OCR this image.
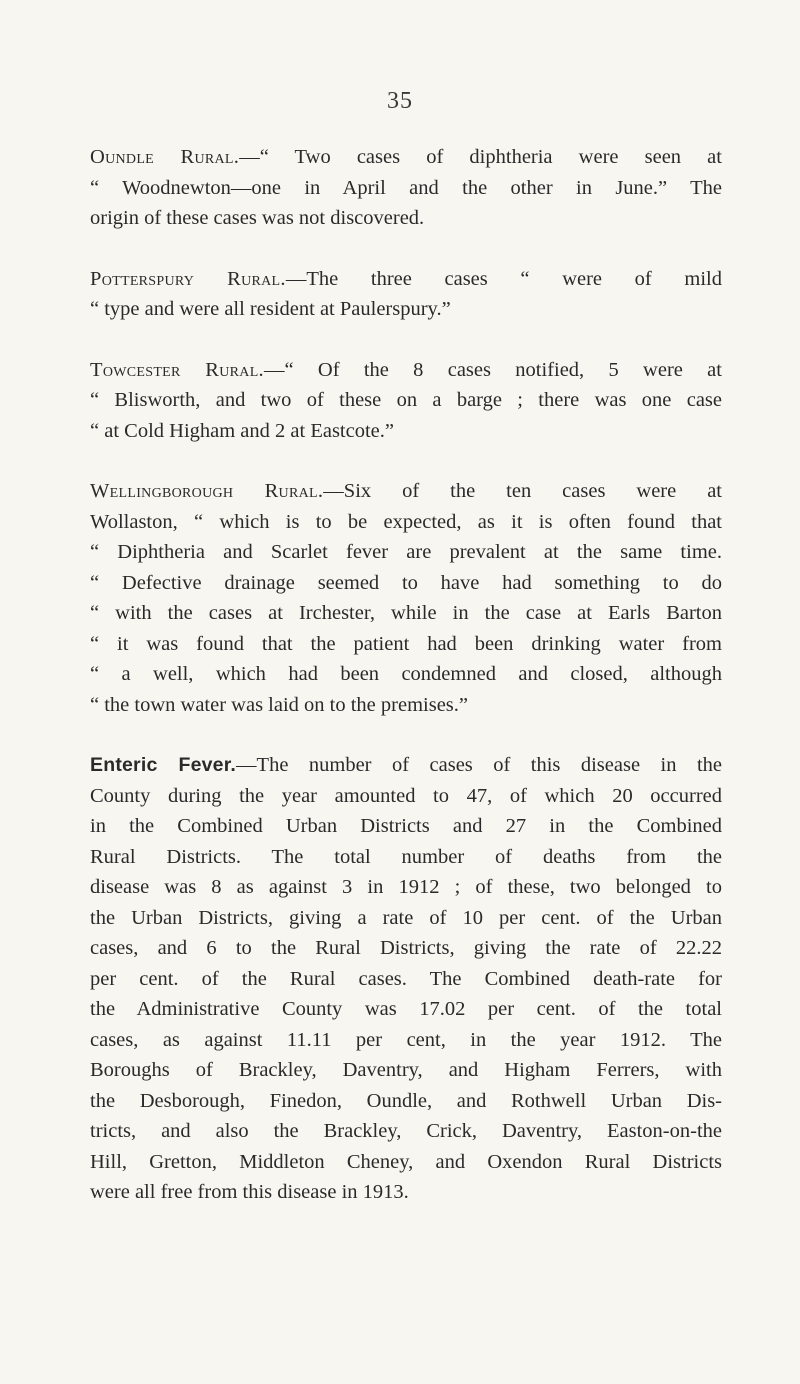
35
Oundle Rural.—“ Two cases of diphtheria were seen at
“ Woodnewton—one in April and the other in June.” The
origin of these cases was not discovered.
Potterspury Rural.—The three cases “ were of mild
“ type and were all resident at Paulerspury.”
Towcester Rural.—“ Of the 8 cases notified, 5 were at
“ Blisworth, and two of these on a barge ; there was one case
“ at Cold Higham and 2 at Eastcote.”
Wellingborough Rural.—Six of the ten cases were at
Wollaston, “ which is to be expected, as it is often found that
“ Diphtheria and Scarlet fever are prevalent at the same time.
“ Defective drainage seemed to have had something to do
“ with the cases at Irchester, while in the case at Earls Barton
“ it was found that the patient had been drinking water from
“ a well, which had been condemned and closed, although
“ the town water was laid on to the premises.”
Enteric Fever.—The number of cases of this disease in the
County during the year amounted to 47, of which 20 occurred
in the Combined Urban Districts and 27 in the Combined
Rural Districts. The total number of deaths from the
disease was 8 as against 3 in 1912 ; of these, two belonged to
the Urban Districts, giving a rate of 10 per cent. of the Urban
cases, and 6 to the Rural Districts, giving the rate of 22.22
per cent. of the Rural cases. The Combined death-rate for
the Administrative County was 17.02 per cent. of the total
cases, as against 11.11 per cent, in the year 1912. The
Boroughs of Brackley, Daventry, and Higham Ferrers, with
the Desborough, Finedon, Oundle, and Rothwell Urban Dis-
tricts, and also the Brackley, Crick, Daventry, Easton-on-the
Hill, Gretton, Middleton Cheney, and Oxendon Rural Districts
were all free from this disease in 1913.
